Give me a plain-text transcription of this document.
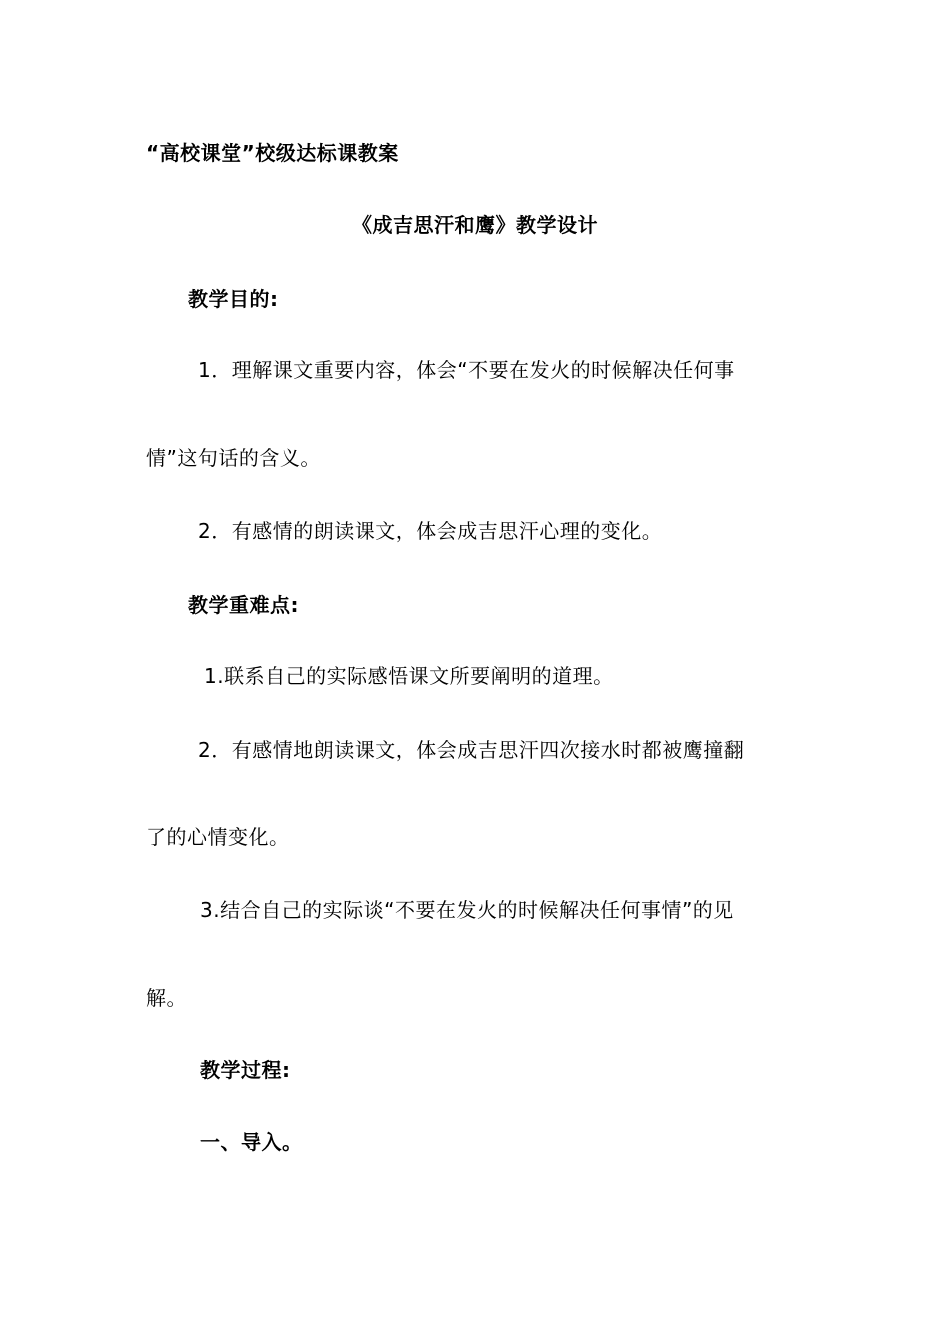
“高校课堂”校级达标课教案
《成吉思汗和鹰》教学设计
教学目的:
1．理解课文重要内容，体会“不要在发火的时候解决任何事
情”这句话的含义。
2．有感情的朗读课文，体会成吉思汗心理的变化。
教学重难点:
1.联系自己的实际感悟课文所要阐明的道理。
2．有感情地朗读课文，体会成吉思汗四次接水时都被鹰撞翻
了的心情变化。
3.结合自己的实际谈“不要在发火的时候解决任何事情”的见
解。
教学过程:
一、导入。
